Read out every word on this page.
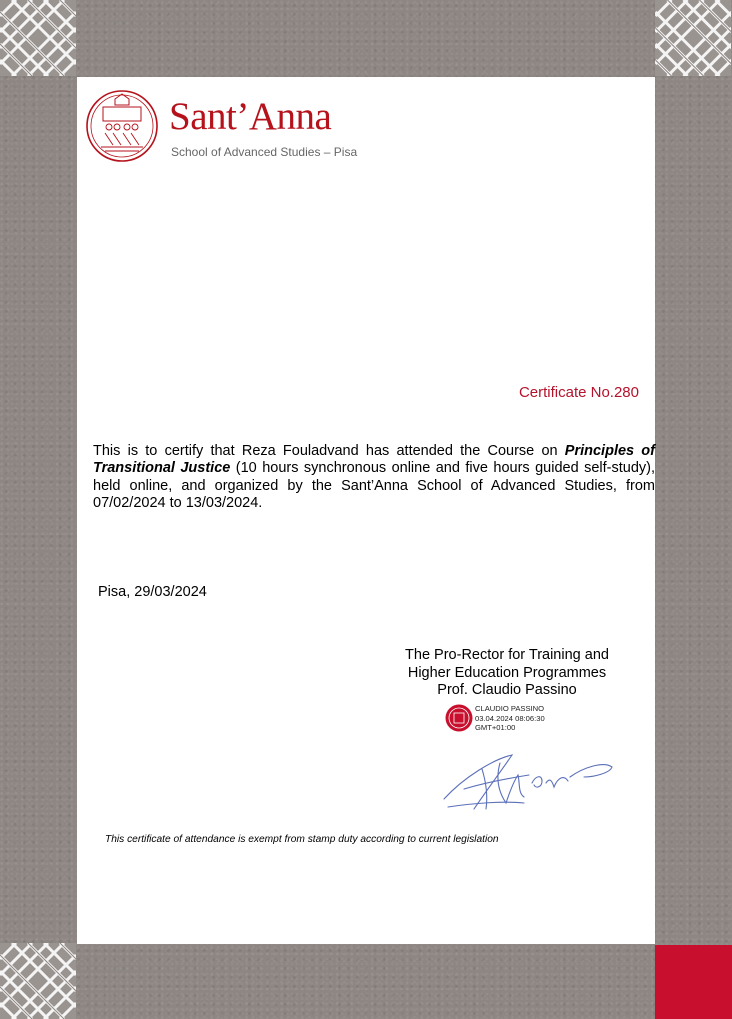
Sant’Anna
School of Advanced Studies – Pisa
Certificate No.280
This is to certify that Reza Fouladvand has attended the Course on Principles of Transitional Justice (10 hours synchronous online and five hours guided self-study), held online, and organized by the Sant’Anna School of Advanced Studies, from 07/02/2024 to 13/03/2024.
Pisa, 29/03/2024
The Pro-Rector for Training and
Higher Education Programmes
Prof. Claudio Passino
CLAUDIO PASSINO
03.04.2024 08:06:30
GMT+01:00
This certificate of attendance is exempt from stamp duty according to current legislation
